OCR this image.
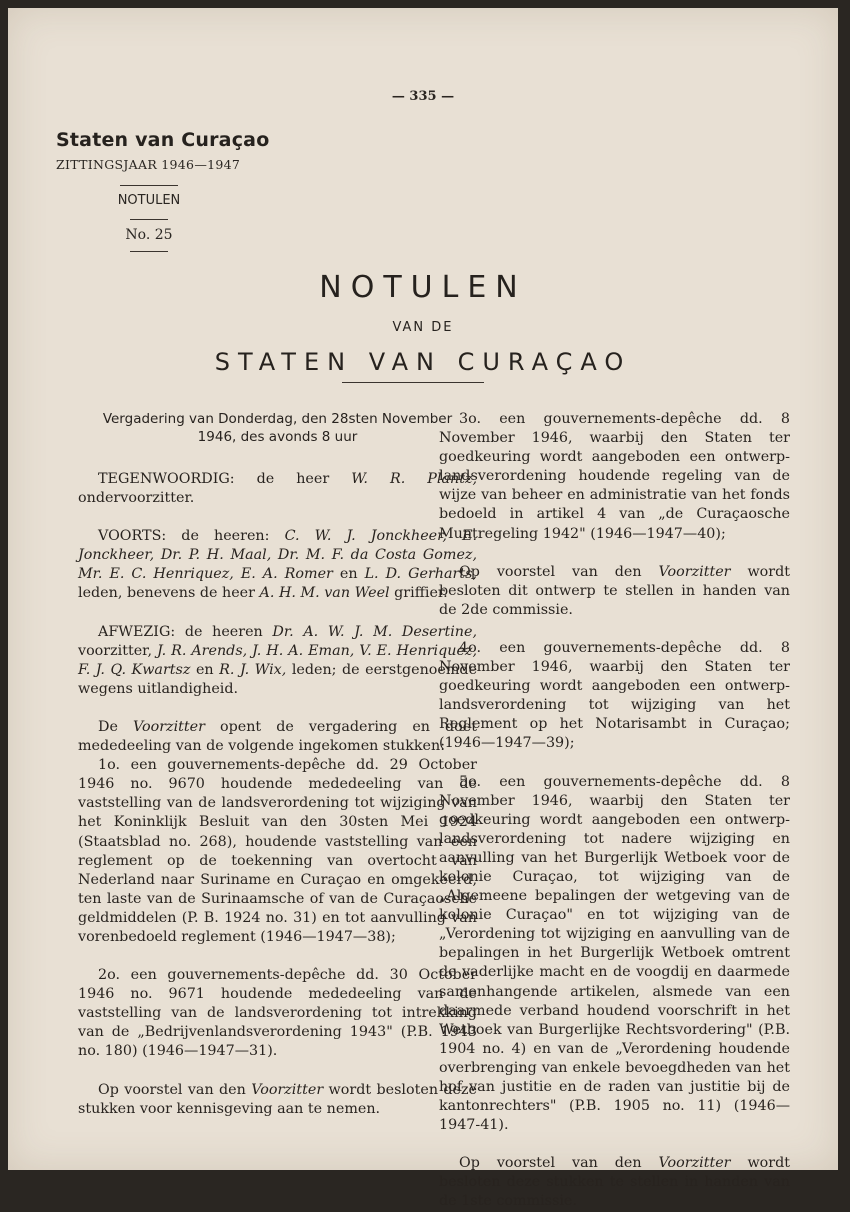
— 335 —
Staten van Curaçao
ZITTINGSJAAR 1946—1947
NOTULEN
No. 25
NOTULEN
VAN DE
STATEN VAN CURAÇAO

Vergadering van Donderdag, den 28sten November
1946, des avonds 8 uur

TEGENWOORDIG: de heer W. R. Plantz, ondervoorzitter.

VOORTS: de heeren: C. W. J. Jonckheer, E. Jonckheer, Dr. P. H. Maal, Dr. M. F. da Costa Gomez, Mr. E. C. Henriquez, E. A. Romer en L. D. Gerharts, leden, benevens de heer A. H. M. van Weel griffier.

AFWEZIG: de heeren Dr. A. W. J. M. Desertine, voorzitter, J. R. Arends, J. H. A. Eman, V. E. Henriquez, F. J. Q. Kwartsz en R. J. Wix, leden; de eerstgenoemde wegens uitlandigheid.

De Voorzitter opent de vergadering en doet mededeeling van de volgende ingekomen stukken:

1o. een gouvernements-depêche dd. 29 October 1946 no. 9670 houdende mededeeling van de vaststelling van de landsverordening tot wijziging van het Koninklijk Besluit van den 30sten Mei 1924 (Staatsblad no. 268), houdende vaststelling van een reglement op de toekenning van overtocht van Nederland naar Suriname en Curaçao en omgekeerd, ten laste van de Surinaamsche of van de Curaçaosche geldmiddelen (P. B. 1924 no. 31) en tot aanvulling van vorenbedoeld reglement (1946—1947—38);

2o. een gouvernements-depêche dd. 30 October 1946 no. 9671 houdende mededeeling van de vaststelling van de landsverordening tot intrekking van de „Bedrijvenlandsverordening 1943" (P.B. 1943 no. 180) (1946—1947—31).

Op voorstel van den Voorzitter wordt besloten deze stukken voor kennisgeving aan te nemen.

3o. een gouvernements-depêche dd. 8 November 1946, waarbij den Staten ter goedkeuring wordt aangeboden een ontwerp-landsverordening houdende regeling van de wijze van beheer en administratie van het fonds bedoeld in artikel 4 van „de Curaçaosche Muntregeling 1942" (1946—1947—40);

Op voorstel van den Voorzitter wordt besloten dit ontwerp te stellen in handen van de 2de commissie.

4o. een gouvernements-depêche dd. 8 November 1946, waarbij den Staten ter goedkeuring wordt aangeboden een ontwerp-landsverordening tot wijziging van het Reglement op het Notarisambt in Curaçao; (1946—1947—39);

5o. een gouvernements-depêche dd. 8 November 1946, waarbij den Staten ter goedkeuring wordt aangeboden een ontwerp-landsverordening tot nadere wijziging en aanvulling van het Burgerlijk Wetboek voor de kolonie Curaçao, tot wijziging van de „Algemeene bepalingen der wetgeving van de kolonie Curaçao" en tot wijziging van de „Verordening tot wijziging en aanvulling van de bepalingen in het Burgerlijk Wetboek omtrent de vaderlijke macht en de voogdij en daarmede samenhangende artikelen, alsmede van een daarmede verband houdend voorschrift in het Wetboek van Burgerlijke Rechtsvordering" (P.B. 1904 no. 4) en van de „Verordening houdende overbrenging van enkele bevoegdheden van het hof van justitie en de raden van justitie bij de kantonrechters" (P.B. 1905 no. 11) (1946—1947-41).

Op voorstel van den Voorzitter wordt besloten deze stukken te stellen in handen van de 1ste commissie.
